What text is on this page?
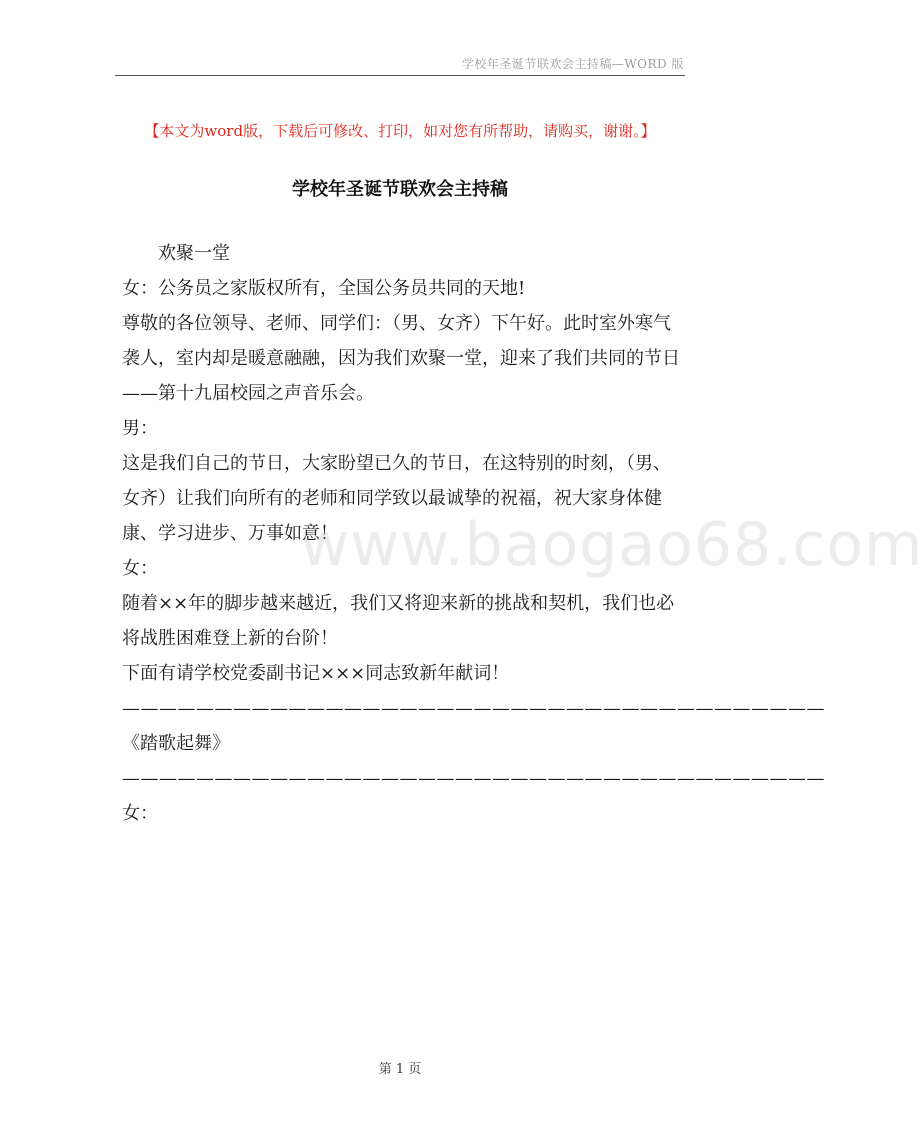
学校年圣诞节联欢会主持稿—WORD 版
【本文为word版，下载后可修改、打印，如对您有所帮助，请购买，谢谢。】
学校年圣诞节联欢会主持稿
www.baogao68.com

欢聚一堂

女：公务员之家版权所有，全国公务员共同的天地!

尊敬的各位领导、老师、同学们：（男、女齐）下午好。此时室外寒气袭人，室内却是暖意融融，因为我们欢聚一堂，迎来了我们共同的节日——第十九届校园之声音乐会。

男：

这是我们自己的节日，大家盼望已久的节日，在这特别的时刻，（男、女齐）让我们向所有的老师和同学致以最诚挚的祝福，祝大家身体健康、学习进步、万事如意！

女：

随着××年的脚步越来越近，我们又将迎来新的挑战和契机，我们也必将战胜困难登上新的台阶！

下面有请学校党委副书记×××同志致新年献词！

——————————————————————————————————————

《踏歌起舞》

——————————————————————————————————————

女：

第 1 页
